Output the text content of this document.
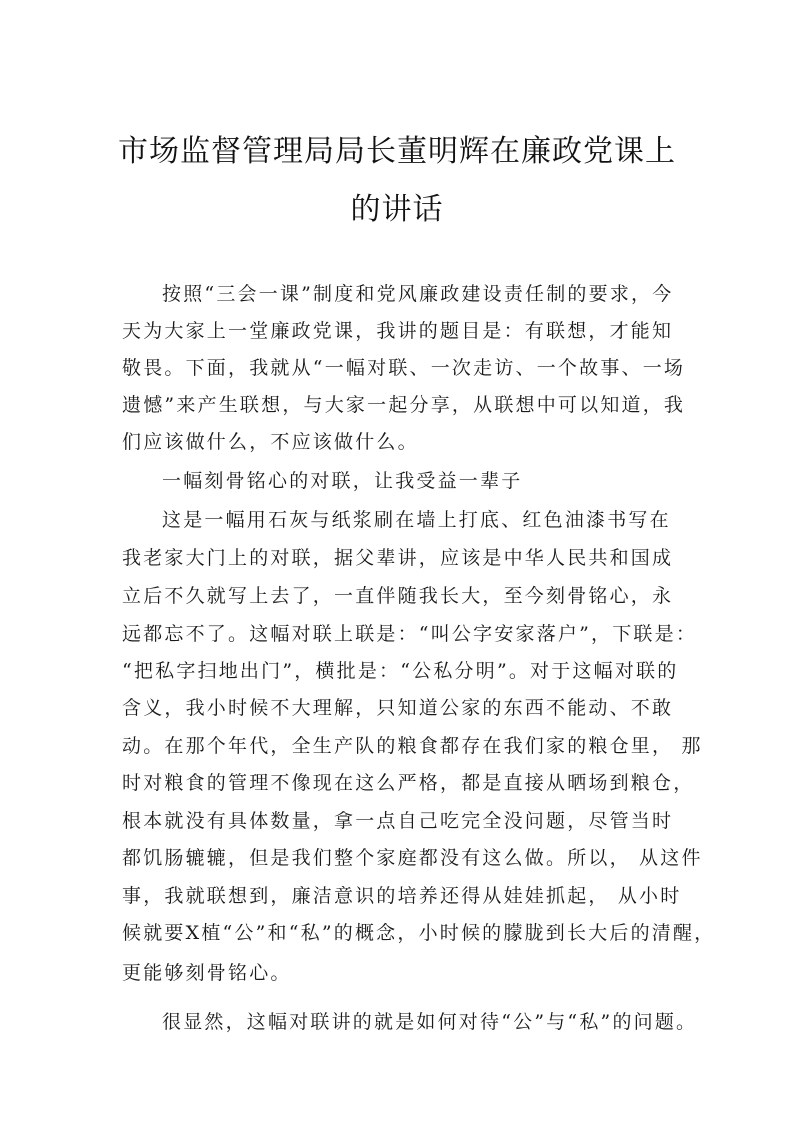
市场监督管理局局长董明辉在廉政党课上
的讲话
按照“三会一课”制度和党风廉政建设责任制的要求，今
天为大家上一堂廉政党课，我讲的题目是：有联想，才能知
敬畏。下面，我就从“一幅对联、一次走访、一个故事、一场
遗憾”来产生联想，与大家一起分享，从联想中可以知道，我
们应该做什么，不应该做什么。
一幅刻骨铭心的对联，让我受益一辈子
这是一幅用石灰与纸浆刷在墙上打底、红色油漆书写在
我老家大门上的对联，据父辈讲，应该是中华人民共和国成
立后不久就写上去了，一直伴随我长大，至今刻骨铭心，永
远都忘不了。这幅对联上联是：“叫公字安家落户”，下联是：
“把私字扫地出门”，横批是：“公私分明”。对于这幅对联的
含义，我小时候不大理解，只知道公家的东西不能动、不敢
动。在那个年代，全生产队的粮食都存在我们家的粮仓里， 那
时对粮食的管理不像现在这么严格，都是直接从晒场到粮仓，
根本就没有具体数量，拿一点自己吃完全没问题，尽管当时
都饥肠辘辘，但是我们整个家庭都没有这么做。所以， 从这件
事，我就联想到，廉洁意识的培养还得从娃娃抓起， 从小时
候就要X植“公”和“私”的概念，小时候的朦胧到长大后的清醒，
更能够刻骨铭心。
很显然，这幅对联讲的就是如何对待“公”与“私”的问题。
